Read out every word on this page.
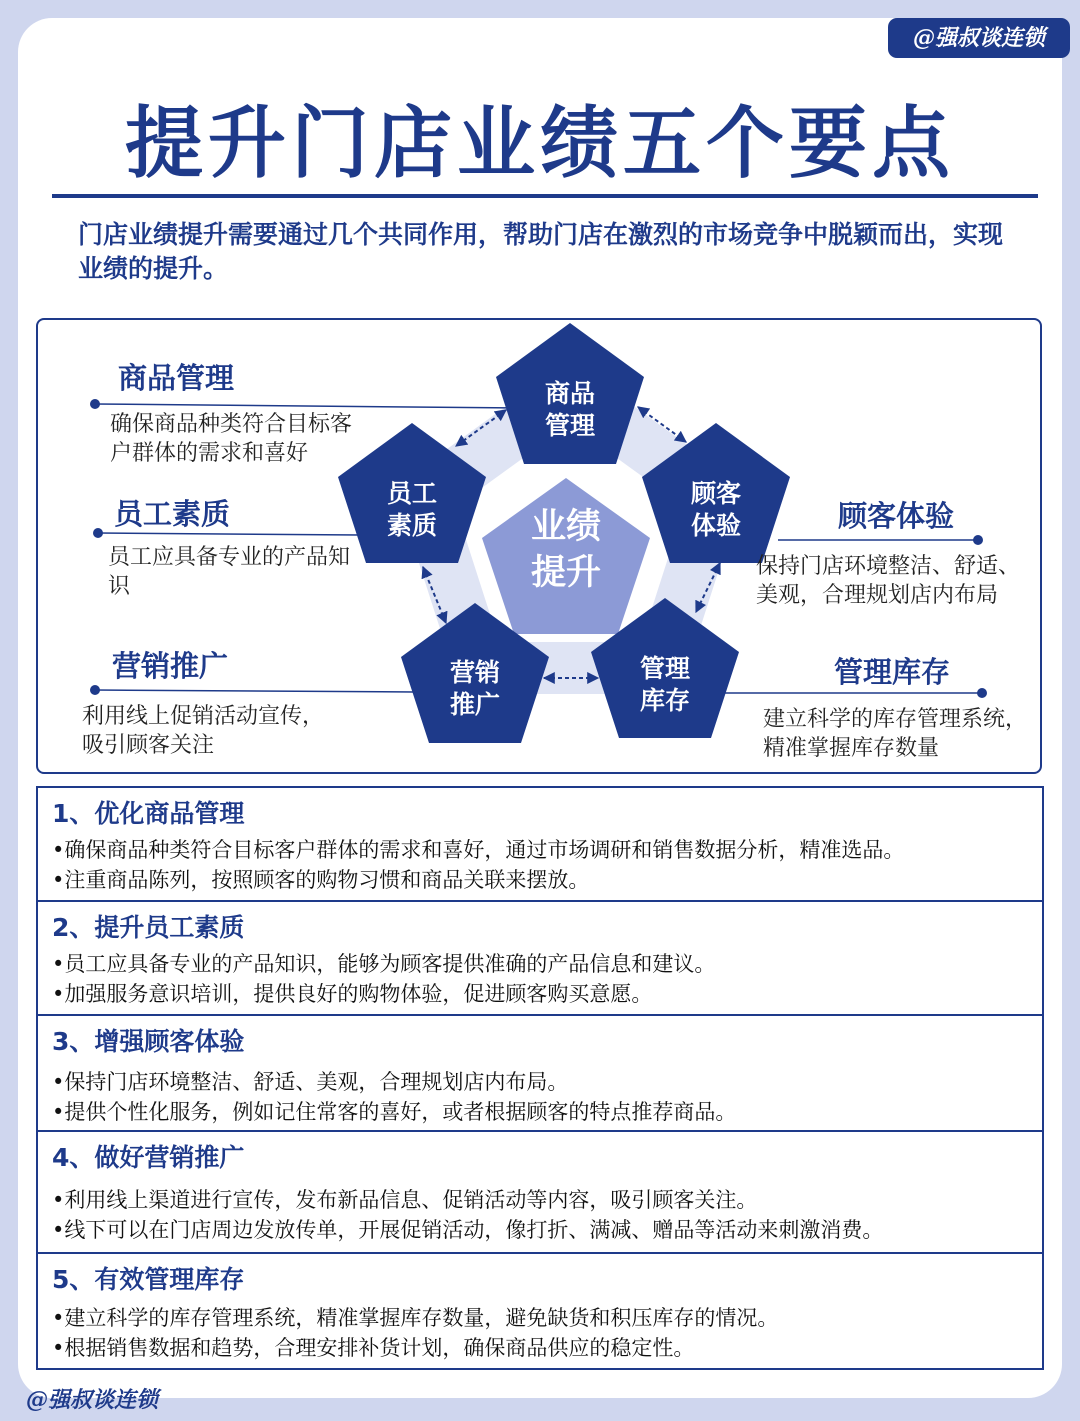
@强叔谈连锁
提升门店业绩五个要点
门店业绩提升需要通过几个共同作用，帮助门店在激烈的市场竞争中脱颖而出，实现业绩的提升。
业绩
提升
商品
管理
员工
素质
顾客
体验
营销
推广
管理
库存
商品管理
确保商品种类符合目标客
户群体的需求和喜好
员工素质
员工应具备专业的产品知
识
营销推广
利用线上促销活动宣传，
吸引顾客关注
顾客体验
保持门店环境整洁、舒适、
美观，合理规划店内布局
管理库存
建立科学的库存管理系统，
精准掌握库存数量
1、优化商品管理
•确保商品种类符合目标客户群体的需求和喜好，通过市场调研和销售数据分析，精准选品。
•注重商品陈列，按照顾客的购物习惯和商品关联来摆放。
2、提升员工素质
•员工应具备专业的产品知识，能够为顾客提供准确的产品信息和建议。
•加强服务意识培训，提供良好的购物体验，促进顾客购买意愿。
3、增强顾客体验
•保持门店环境整洁、舒适、美观，合理规划店内布局。
•提供个性化服务，例如记住常客的喜好，或者根据顾客的特点推荐商品。
4、做好营销推广
•利用线上渠道进行宣传，发布新品信息、促销活动等内容，吸引顾客关注。
•线下可以在门店周边发放传单，开展促销活动，像打折、满减、赠品等活动来刺激消费。
5、有效管理库存
•建立科学的库存管理系统，精准掌握库存数量，避免缺货和积压库存的情况。
•根据销售数据和趋势，合理安排补货计划，确保商品供应的稳定性。
@强叔谈连锁
